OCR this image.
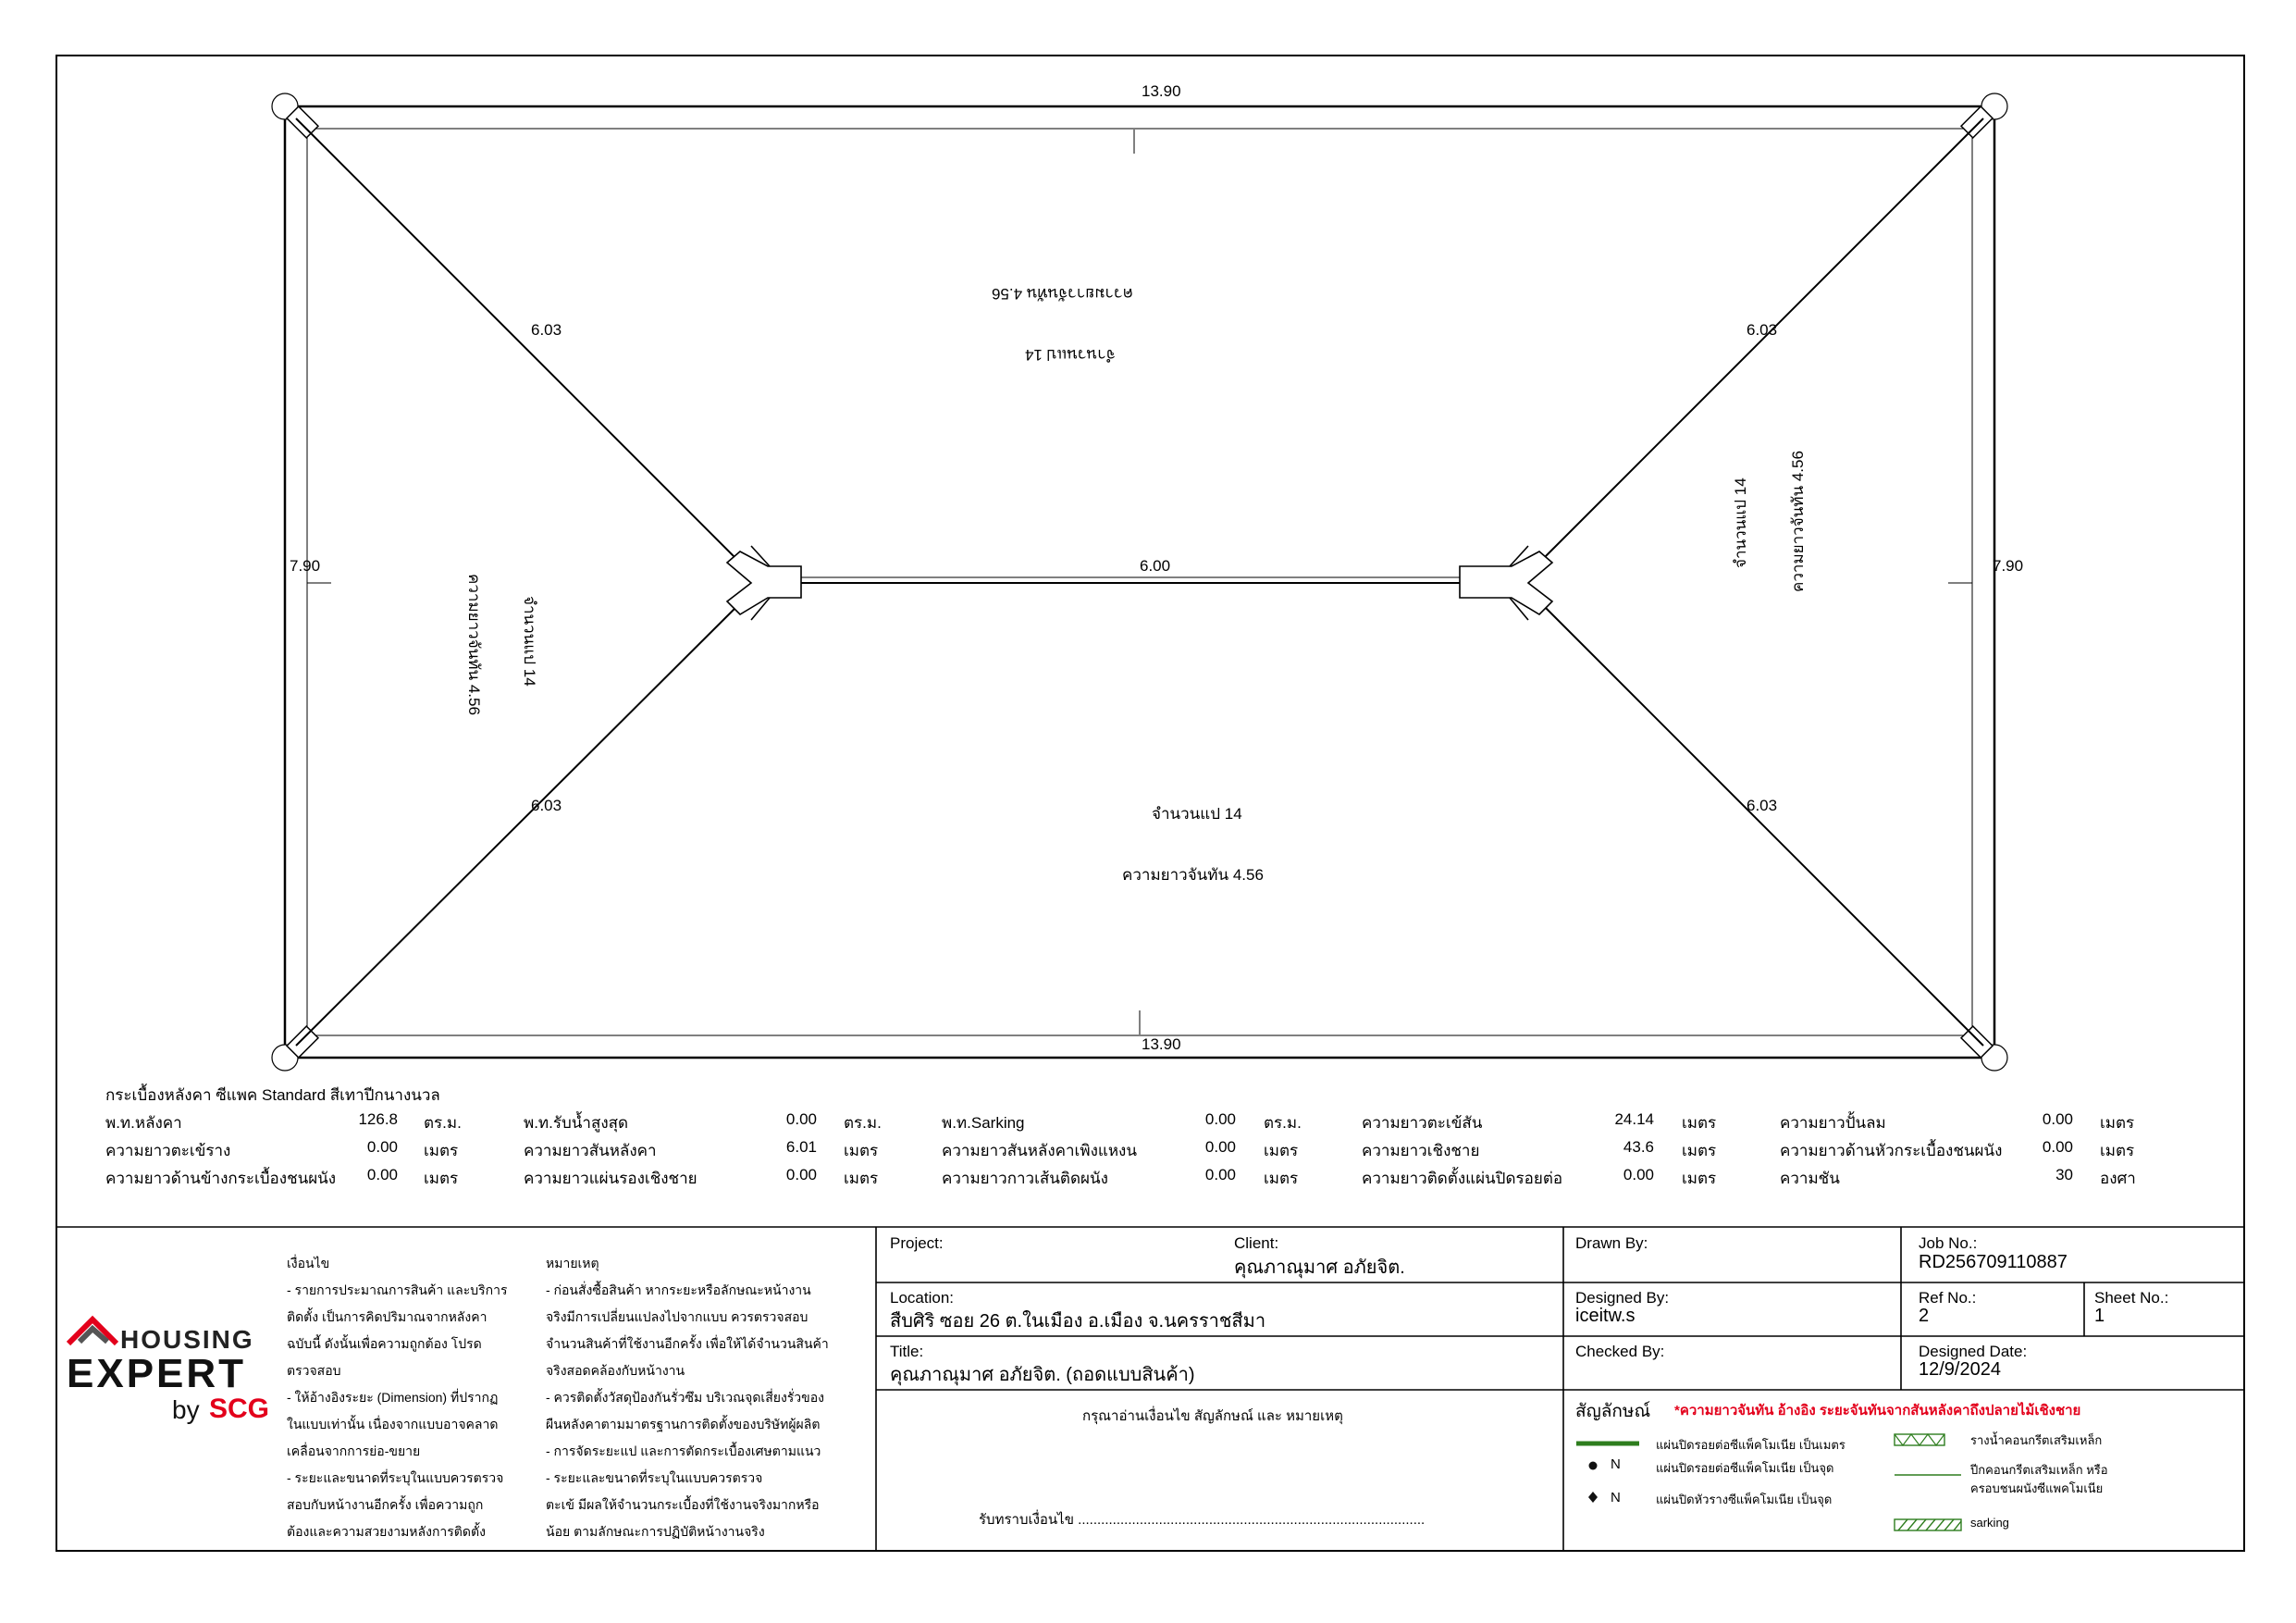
13.90
13.90
7.90	7.90
6.00
6.03	6.03
6.03	6.03
ความยาวจันทัน 4.56
จำนวนแป 14
จำนวนแป 14
ความยาวจันทัน 4.56
ความยาวจันทัน 4.56 จำนวนแป 14
ความยาวจันทัน 4.56
จำนวนแป 14
กระเบื้องหลังคา ซีแพค Standard สีเทาปีกนางนวล
พ.ท.หลังคา	126.8 ตร.ม.	พ.ท.รับน้ำสูงสุด	0.00 ตร.ม.	พ.ท.Sarking	0.00 ตร.ม.	ความยาวตะเข้สัน	24.14 เมตร	ความยาวปั้นลม	0.00 เมตร
ความยาวตะเข้ราง	0.00 เมตร	ความยาวสันหลังคา	6.01 เมตร	ความยาวสันหลังคาเพิงแหงน	0.00 เมตร	ความยาวเชิงชาย	43.6 เมตร	ความยาวด้านหัวกระเบื้องชนผนัง	0.00 เมตร
ความยาวด้านข้างกระเบื้องชนผนัง	0.00 เมตร	ความยาวแผ่นรองเชิงชาย	0.00 เมตร	ความยาวกาวเส้นติดผนัง	0.00 เมตร	ความยาวติดตั้งแผ่นปิดรอยต่อ	0.00 เมตร	ความชัน	30 องศา
HOUSING
EXPERT
by SCG
เงื่อนไข
- รายการประมาณการสินค้า และบริการ
ติดตั้ง เป็นการคิดปริมาณจากหลังคา
ฉบับนี้ ดังนั้นเพื่อความถูกต้อง โปรด
ตรวจสอบ
- ให้อ้างอิงระยะ (Dimension) ที่ปรากฏ
ในแบบเท่านั้น เนื่องจากแบบอาจคลาด
เคลื่อนจากการย่อ-ขยาย
- ระยะและขนาดที่ระบุในแบบควรตรวจ
สอบกับหน้างานอีกครั้ง เพื่อความถูก
ต้องและความสวยงามหลังการติดตั้ง
หมายเหตุ
- ก่อนสั่งซื้อสินค้า หากระยะหรือลักษณะหน้างาน
จริงมีการเปลี่ยนแปลงไปจากแบบ ควรตรวจสอบ
จำนวนสินค้าที่ใช้งานอีกครั้ง เพื่อให้ได้จำนวนสินค้า
จริงสอดคล้องกับหน้างาน
- ควรติดตั้งวัสดุป้องกันรั่วซึม บริเวณจุดเสี่ยงรั่วของ
ผืนหลังคาตามมาตรฐานการติดตั้งของบริษัทผู้ผลิต
- การจัดระยะแป และการตัดกระเบื้องเศษตามแนว
- ระยะและขนาดที่ระบุในแบบควรตรวจ
ตะเข้ มีผลให้จำนวนกระเบื้องที่ใช้งานจริงมากหรือ
น้อย ตามลักษณะการปฏิบัติหน้างานจริง
Project:	Client:
คุณภาณุมาศ อภัยจิต.
Location:
สืบศิริ ซอย 26 ต.ในเมือง อ.เมือง จ.นครราชสีมา
Title:
คุณภาณุมาศ อภัยจิต. (ถอดแบบสินค้า)
กรุณาอ่านเงื่อนไข สัญลักษณ์ และ หมายเหตุ
รับทราบเงื่อนไข ..........................................................................................
Drawn By:
Designed By:
iceitw.s
Checked By:
Job No.:
RD256709110887
Ref No.:
2
Sheet No.:
1
Designed Date:
12/9/2024
สัญลักษณ์ *ความยาวจันทัน อ้างอิง ระยะจันทันจากสันหลังคาถึงปลายไม้เชิงชาย
N
N
แผ่นปิดรอยต่อซีแพ็คโมเนีย เป็นเมตร
แผ่นปิดรอยต่อซีแพ็คโมเนีย เป็นจุด
แผ่นปิดหัวรางซีแพ็คโมเนีย เป็นจุด
รางน้ำคอนกรีตเสริมเหล็ก
ปีกคอนกรีตเสริมเหล็ก หรือ
ครอบชนผนังซีแพคโมเนีย
sarking
